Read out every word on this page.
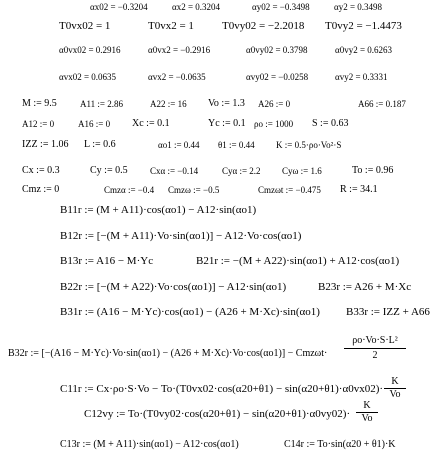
αx02 = −0.3204	αx2 = 0.3204	αy02 = −0.3498	αy2 = 0.3498
T0vx02 = 1	T0vx2 = 1	T0vy02 = −2.2018 T0vy2 = −1.4473
α0vx02 = 0.2916	α0vx2 = −0.2916	α0vy02 = 0.3798	α0vy2 = 0.6263
αvx02 = 0.0635	αvx2 = −0.0635	αvy02 = −0.0258	αvy2 = 0.3331
M := 9.5	A11 := 2.86	A22 := 16 Vo := 1.3 A26 := 0	A66 := 0.187
A12 := 0	A16 := 0 Xc := 0.1	Yc := 0.1 ρo := 1000 S := 0.63
IZZ := 1.06 L := 0.6	αo1 := 0.44 θ1 := 0.44 K := 0.5·ρo·Vo²·S
Cx := 0.3	Cy := 0.5 Cxα := −0.14	Cyα := 2.2 Cyω := 1.6	To := 0.96
Cmz := 0	Cmzα := −0.4 Cmzω := −0.5	Cmzωt := −0.475 R := 34.1
B11r := (M + A11)·cos(αo1) − A12·sin(αo1)
B12r := [−(M + A11)·Vo·sin(αo1)] − A12·Vo·cos(αo1)
B13r := A16 − M·Yc	B21r := −(M + A22)·sin(αo1) + A12·cos(αo1)
B22r := [−(M + A22)·Vo·cos(αo1)] − A12·sin(αo1)	B23r := A26 + M·Xc
B31r := (A16 − M·Yc)·cos(αo1) − (A26 + M·Xc)·sin(αo1) B33r := IZZ + A66
B32r := [−(A16 − M·Yc)·Vo·sin(αo1) − (A26 + M·Xc)·Vo·cos(αo1)] − Cmzωt·
ρo·Vo·S·L²
2
C11r := Cx·ρo·S·Vo − To·(T0vx02·cos(α20+θ1) − sin(α20+θ1)·α0vx02)·
K
Vo
C12vy := To·(T0vy02·cos(α20+θ1) − sin(α20+θ1)·α0vy02)·
K
Vo
C13r := (M + A11)·sin(αo1) − A12·cos(αo1)	C14r := To·sin(α20 + θ1)·K
